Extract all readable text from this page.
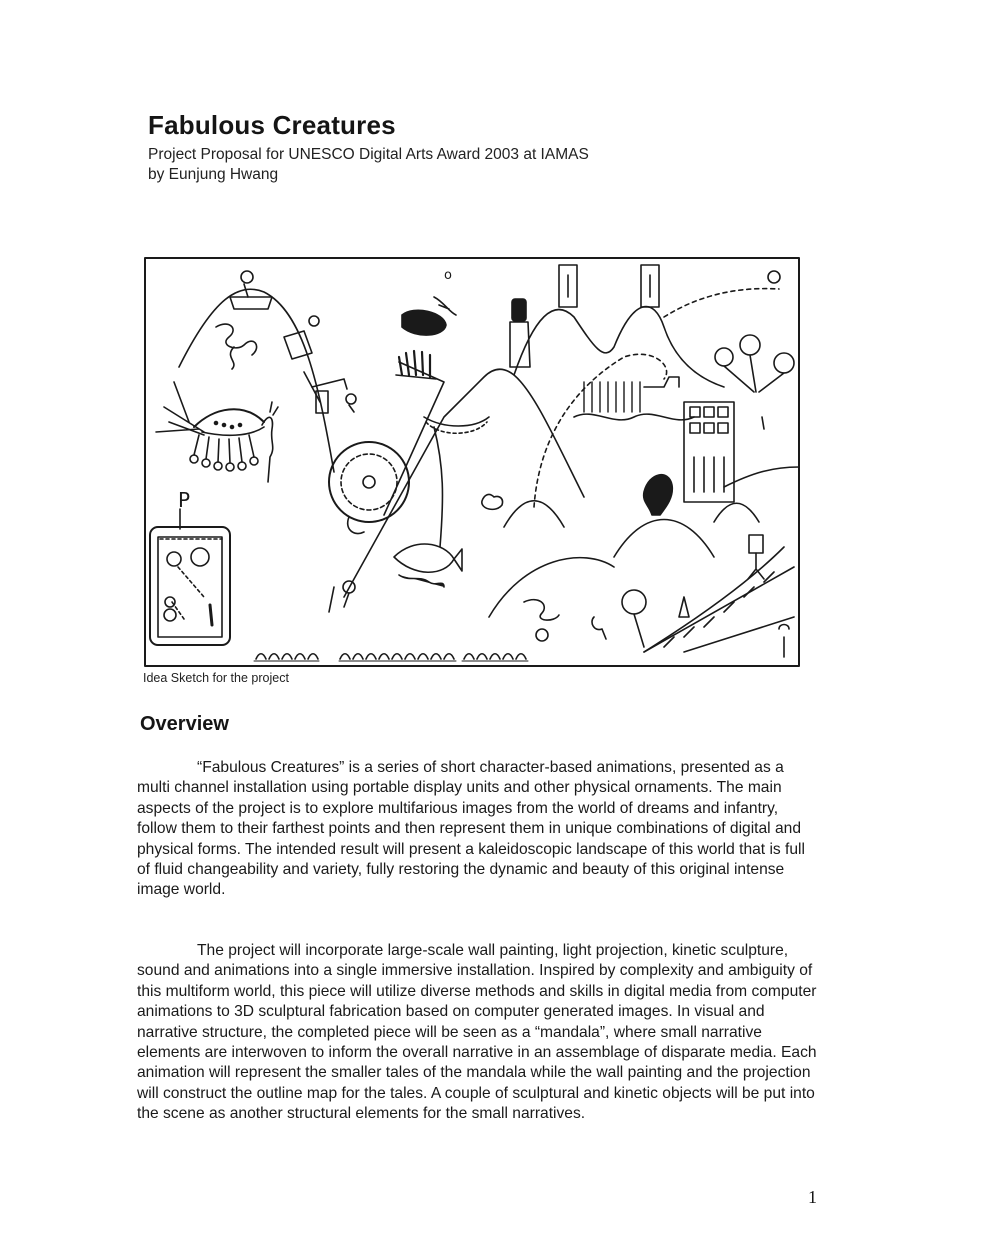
Fabulous Creatures
Project Proposal for UNESCO Digital Arts Award 2003 at IAMAS
by Eunjung Hwang
P
o
Idea Sketch for the project
Overview

“Fabulous Creatures” is a series of short character-based animations, presented as a multi channel installation using portable display units and other physical ornaments. The main aspects of the project is to explore multifarious images from the world of dreams and infantry, follow them to their farthest points and then represent them in unique combinations of digital and physical forms. The intended result will present a kaleidoscopic landscape of this world that is full of fluid changeability and variety, fully restoring the dynamic and beauty of this original intense image world.

The project will incorporate large-scale wall painting, light projection, kinetic sculpture, sound and animations into a single immersive installation. Inspired by complexity and ambiguity of this multiform world, this piece will utilize diverse methods and skills in digital media from computer animations to 3D sculptural fabrication based on computer generated images. In visual and narrative structure, the completed piece will be seen as a “mandala”, where small narrative elements are interwoven to inform the overall narrative in an assemblage of disparate media. Each animation will represent the smaller tales of the mandala while the wall painting and the projection will construct the outline map for the tales. A couple of sculptural and kinetic objects will be put into the scene as another structural elements for the small narratives.

1
